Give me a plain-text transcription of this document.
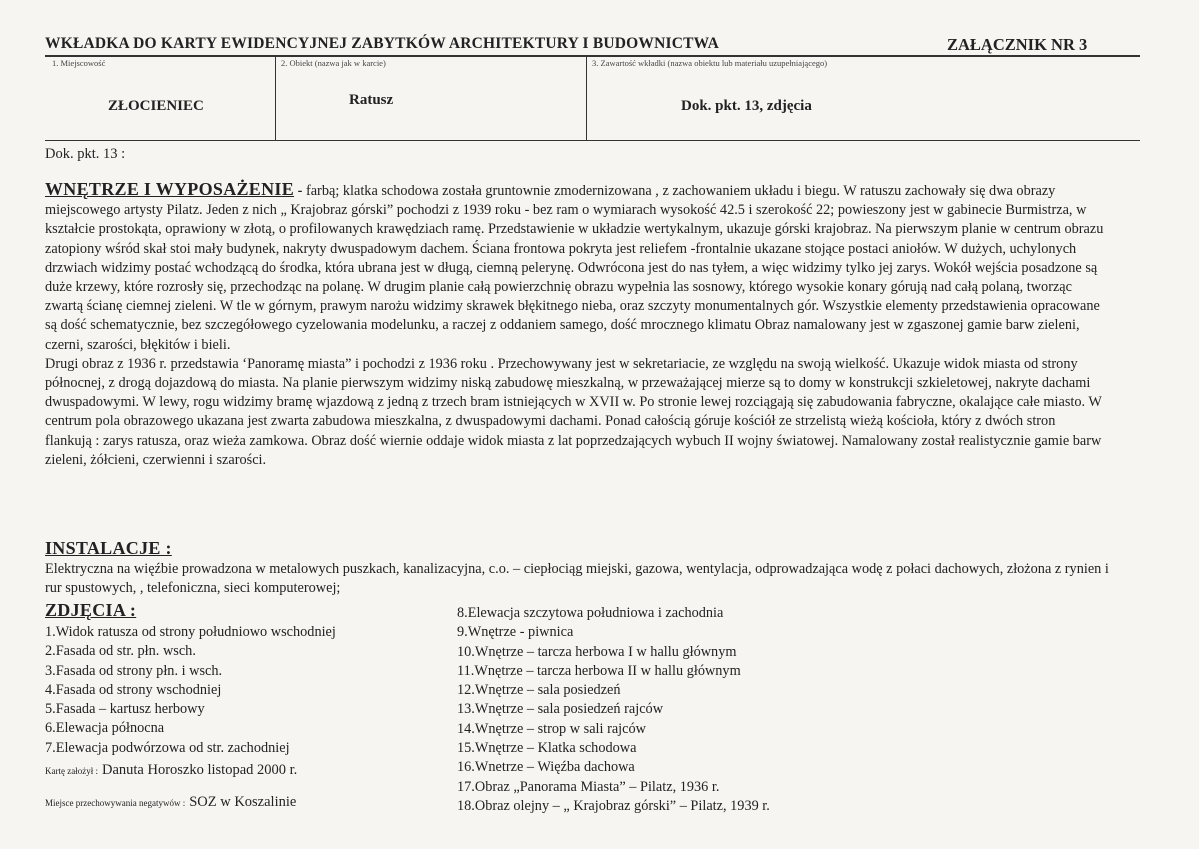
WKŁADKA DO KARTY EWIDENCYJNEJ ZABYTKÓW ARCHITEKTURY I BUDOWNICTWA	ZAŁĄCZNIK NR 3
1. Miejscowość	2. Obiekt (nazwa jak w karcie)	3. Zawartość wkładki (nazwa obiektu lub materiału uzupełniającego)
ZŁOCIENIEC	Ratusz	Dok. pkt. 13, zdjęcia
Dok. pkt. 13 :
WNĘTRZE I WYPOSAŻENIE - farbą; klatka schodowa została gruntownie zmodernizowana , z zachowaniem układu i biegu. W ratuszu zachowały się dwa obrazy miejscowego artysty Pilatz. Jeden z nich „ Krajobraz górski” pochodzi z 1939 roku - bez ram o wymiarach wysokość 42.5 i szerokość 22; powieszony jest w gabinecie Burmistrza, w kształcie prostokąta, oprawiony w złotą, o profilowanych krawędziach ramę. Przedstawienie w układzie wertykalnym, ukazuje górski krajobraz. Na pierwszym planie w centrum obrazu zatopiony wśród skał stoi mały budynek, nakryty dwuspadowym dachem. Ściana frontowa pokryta jest reliefem -frontalnie ukazane stojące postaci aniołów. W dużych, uchylonych drzwiach widzimy postać wchodzącą do środka, która ubrana jest w długą, ciemną pelerynę. Odwrócona jest do nas tyłem, a więc widzimy tylko jej zarys. Wokół wejścia posadzone są duże krzewy, które rozrosły się, przechodząc na polanę. W drugim planie całą powierzchnię obrazu wypełnia las sosnowy, którego wysokie konary górują nad całą polaną, tworząc zwartą ścianę ciemnej zieleni. W tle w górnym, prawym narożu widzimy skrawek błękitnego nieba, oraz szczyty monumentalnych gór. Wszystkie elementy przedstawienia opracowane są dość schematycznie, bez szczegółowego cyzelowania modelunku, a raczej z oddaniem samego, dość mrocznego klimatu Obraz namalowany jest w zgaszonej gamie barw zieleni, czerni, szarości, błękitów i bieli.
Drugi obraz z 1936 r. przedstawia ‘Panoramę miasta” i pochodzi z 1936 roku . Przechowywany jest w sekretariacie, ze względu na swoją wielkość. Ukazuje widok miasta od strony północnej, z drogą dojazdową do miasta. Na planie pierwszym widzimy niską zabudowę mieszkalną, w przeważającej mierze są to domy w konstrukcji szkieletowej, nakryte dachami dwuspadowymi. W lewy, rogu widzimy bramę wjazdową z jedną z trzech bram istniejących w XVII w. Po stronie lewej rozciągają się zabudowania fabryczne, okalające całe miasto. W centrum pola obrazowego ukazana jest zwarta zabudowa mieszkalna, z dwuspadowymi dachami. Ponad całością góruje kościół ze strzelistą wieżą kościoła, który z dwóch stron flankują : zarys ratusza, oraz wieża zamkowa. Obraz dość wiernie oddaje widok miasta z lat poprzedzających wybuch II wojny światowej. Namalowany został realistycznie gamie barw zieleni, żółcieni, czerwienni i szarości.
INSTALACJE :
Elektryczna na więźbie prowadzona w metalowych puszkach, kanalizacyjna, c.o. – ciepłociąg miejski, gazowa, wentylacja, odprowadzająca wodę z połaci dachowych, złożona z rynien i rur spustowych, , telefoniczna, sieci komputerowej;
ZDJĘCIA :
1.Widok ratusza od strony południowo wschodniej
2.Fasada od str. płn. wsch.
3.Fasada od strony płn. i wsch.
4.Fasada od strony wschodniej
5.Fasada – kartusz herbowy
6.Elewacja północna
7.Elewacja podwórzowa od str. zachodniej
8.Elewacja szczytowa południowa i zachodnia
9.Wnętrze - piwnica
10.Wnętrze – tarcza herbowa I w hallu głównym
11.Wnętrze – tarcza herbowa II w hallu głównym
12.Wnętrze – sala posiedzeń
13.Wnętrze – sala posiedzeń rajców
14.Wnętrze – strop w sali rajców
15.Wnętrze – Klatka schodowa
16.Wnetrze – Więźba dachowa
17.Obraz „Panorama Miasta” – Pilatz, 1936 r.
18.Obraz olejny – „ Krajobraz górski” – Pilatz, 1939 r.
Kartę założył : Danuta Horoszko listopad 2000 r.
Miejsce przechowywania negatywów : SOZ w Koszalinie
